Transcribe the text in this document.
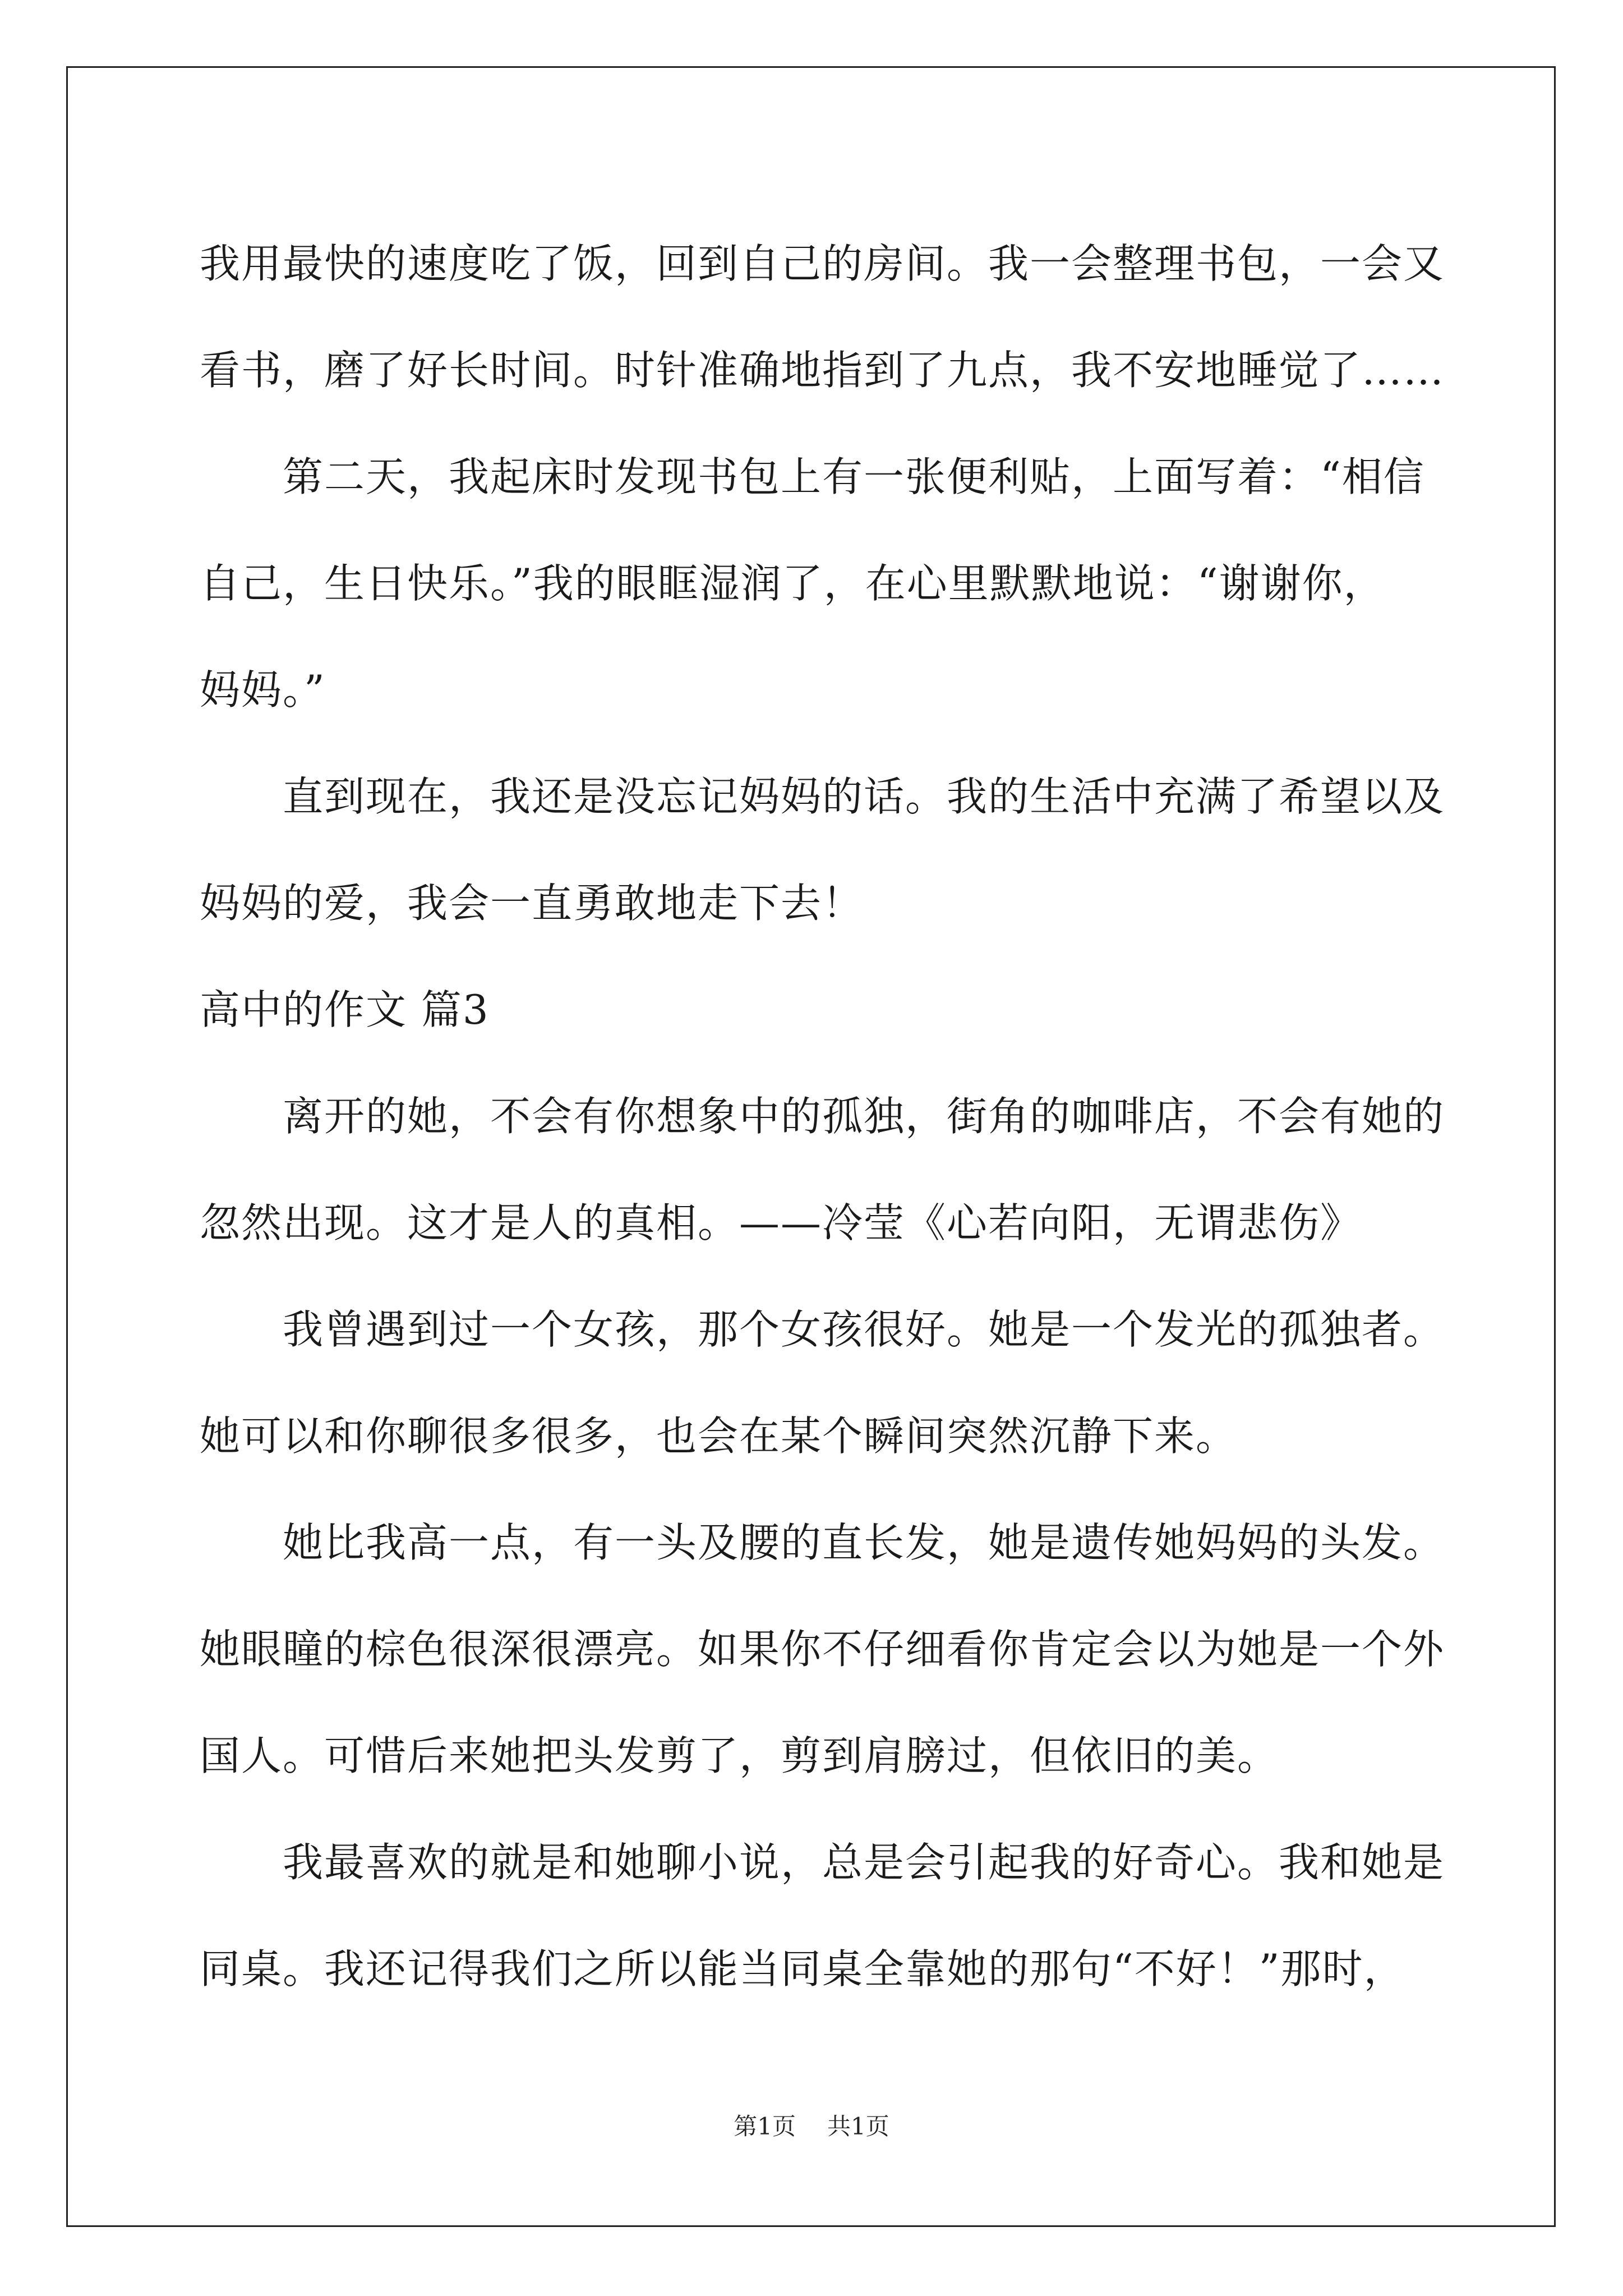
我用最快的速度吃了饭，回到自己的房间。我一会整理书包，一会又
看书，磨了好长时间。时针准确地指到了九点，我不安地睡觉了……
第二天，我起床时发现书包上有一张便利贴，上面写着：“相信
自己，生日快乐。”我的眼眶湿润了，在心里默默地说：“谢谢你，
妈妈。”
直到现在，我还是没忘记妈妈的话。我的生活中充满了希望以及
妈妈的爱，我会一直勇敢地走下去！
高中的作文 篇3
离开的她，不会有你想象中的孤独，街角的咖啡店，不会有她的
忽然出现。这才是人的真相。——冷莹《心若向阳，无谓悲伤》
我曾遇到过一个女孩，那个女孩很好。她是一个发光的孤独者。
她可以和你聊很多很多，也会在某个瞬间突然沉静下来。
她比我高一点，有一头及腰的直长发，她是遗传她妈妈的头发。
她眼瞳的棕色很深很漂亮。如果你不仔细看你肯定会以为她是一个外
国人。可惜后来她把头发剪了，剪到肩膀过，但依旧的美。
我最喜欢的就是和她聊小说，总是会引起我的好奇心。我和她是
同桌。我还记得我们之所以能当同桌全靠她的那句“不好！”那时，
第1页 共1页
